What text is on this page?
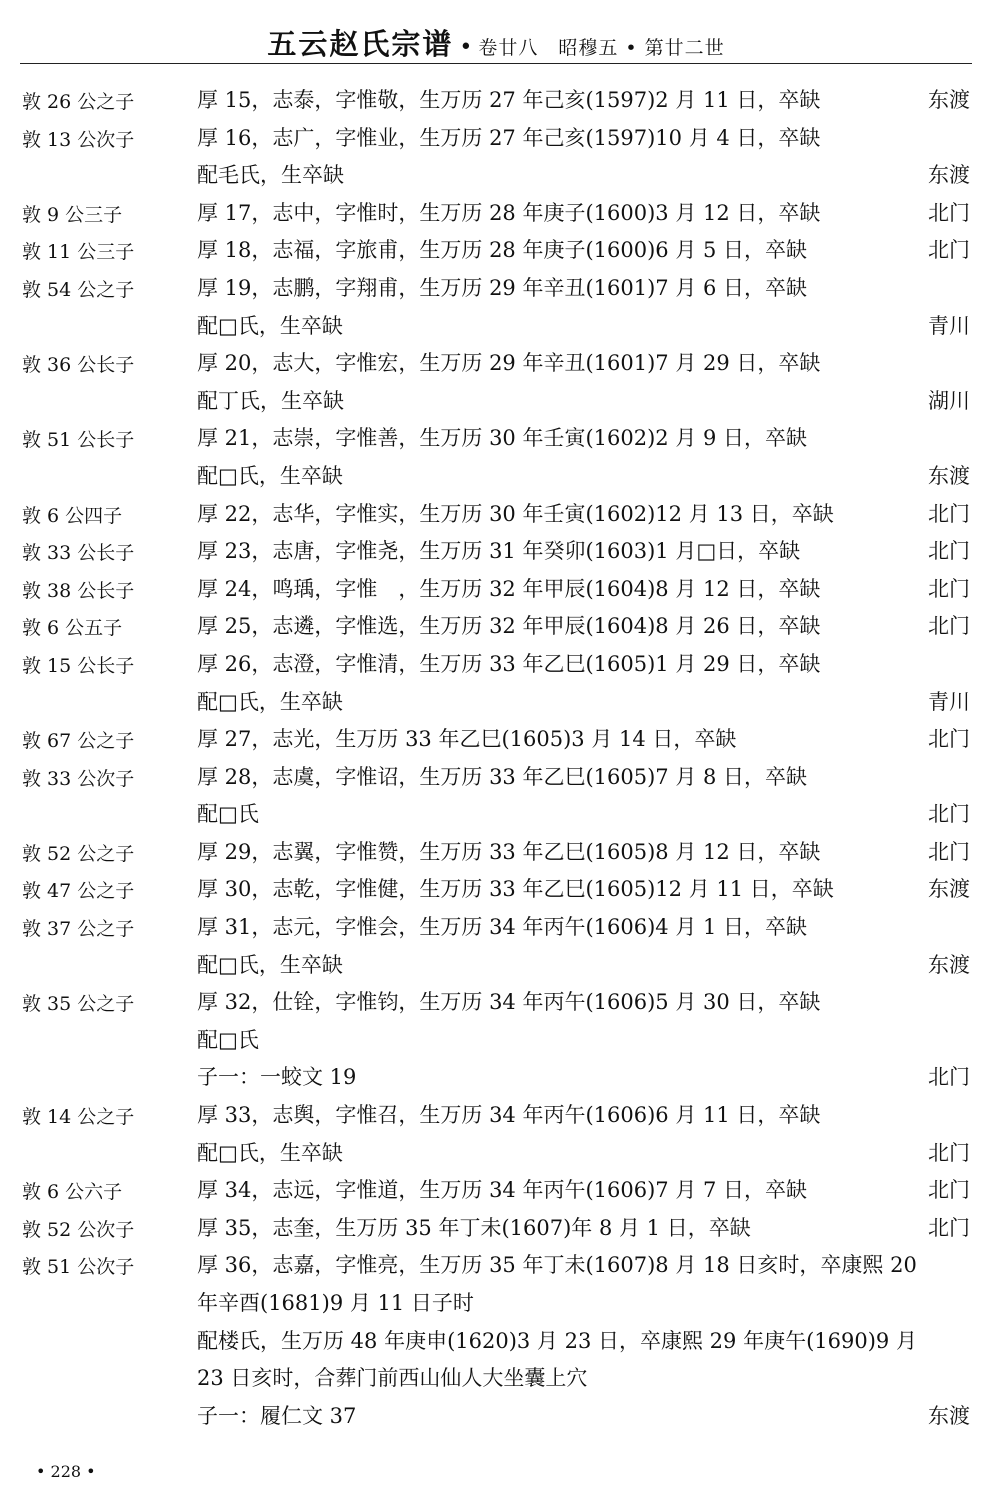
五云赵氏宗谱 • 卷廿八　昭穆五 • 第廿二世
敦 26 公之子	厚 15，志泰，字惟敬，生万历 27 年己亥(1597)2 月 11 日，卒缺	东渡
敦 13 公次子	厚 16，志广，字惟业，生万历 27 年己亥(1597)10 月 4 日，卒缺
配毛氏，生卒缺	东渡
敦 9 公三子	厚 17，志中，字惟时，生万历 28 年庚子(1600)3 月 12 日，卒缺	北门
敦 11 公三子	厚 18，志福，字旅甫，生万历 28 年庚子(1600)6 月 5 日，卒缺	北门
敦 54 公之子	厚 19，志鹏，字翔甫，生万历 29 年辛丑(1601)7 月 6 日，卒缺
配□氏，生卒缺	青川
敦 36 公长子	厚 20，志大，字惟宏，生万历 29 年辛丑(1601)7 月 29 日，卒缺
配丁氏，生卒缺	湖川
敦 51 公长子	厚 21，志崇，字惟善，生万历 30 年壬寅(1602)2 月 9 日，卒缺
配□氏，生卒缺	东渡
敦 6 公四子	厚 22，志华，字惟实，生万历 30 年壬寅(1602)12 月 13 日，卒缺	北门
敦 33 公长子	厚 23，志唐，字惟尧，生万历 31 年癸卯(1603)1 月□日，卒缺	北门
敦 38 公长子	厚 24，鸣瑀，字惟　，生万历 32 年甲辰(1604)8 月 12 日，卒缺	北门
敦 6 公五子	厚 25，志遴，字惟选，生万历 32 年甲辰(1604)8 月 26 日，卒缺	北门
敦 15 公长子	厚 26，志澄，字惟清，生万历 33 年乙巳(1605)1 月 29 日，卒缺
配□氏，生卒缺	青川
敦 67 公之子	厚 27，志光，生万历 33 年乙巳(1605)3 月 14 日，卒缺	北门
敦 33 公次子	厚 28，志虞，字惟诏，生万历 33 年乙巳(1605)7 月 8 日，卒缺
配□氏	北门
敦 52 公之子	厚 29，志翼，字惟赞，生万历 33 年乙巳(1605)8 月 12 日，卒缺	北门
敦 47 公之子	厚 30，志乾，字惟健，生万历 33 年乙巳(1605)12 月 11 日，卒缺	东渡
敦 37 公之子	厚 31，志元，字惟会，生万历 34 年丙午(1606)4 月 1 日，卒缺
配□氏，生卒缺	东渡
敦 35 公之子	厚 32，仕铨，字惟钧，生万历 34 年丙午(1606)5 月 30 日，卒缺
配□氏
子一：一蛟文 19	北门
敦 14 公之子	厚 33，志舆，字惟召，生万历 34 年丙午(1606)6 月 11 日，卒缺
配□氏，生卒缺	北门
敦 6 公六子	厚 34，志远，字惟道，生万历 34 年丙午(1606)7 月 7 日，卒缺	北门
敦 52 公次子	厚 35，志奎，生万历 35 年丁未(1607)年 8 月 1 日，卒缺	北门
敦 51 公次子	厚 36，志嘉，字惟亮，生万历 35 年丁未(1607)8 月 18 日亥时，卒康熙 20
年辛酉(1681)9 月 11 日子时
配楼氏，生万历 48 年庚申(1620)3 月 23 日，卒康熙 29 年庚午(1690)9 月
23 日亥时，合葬门前西山仙人大坐囊上穴
子一：履仁文 37	东渡
• 228 •
